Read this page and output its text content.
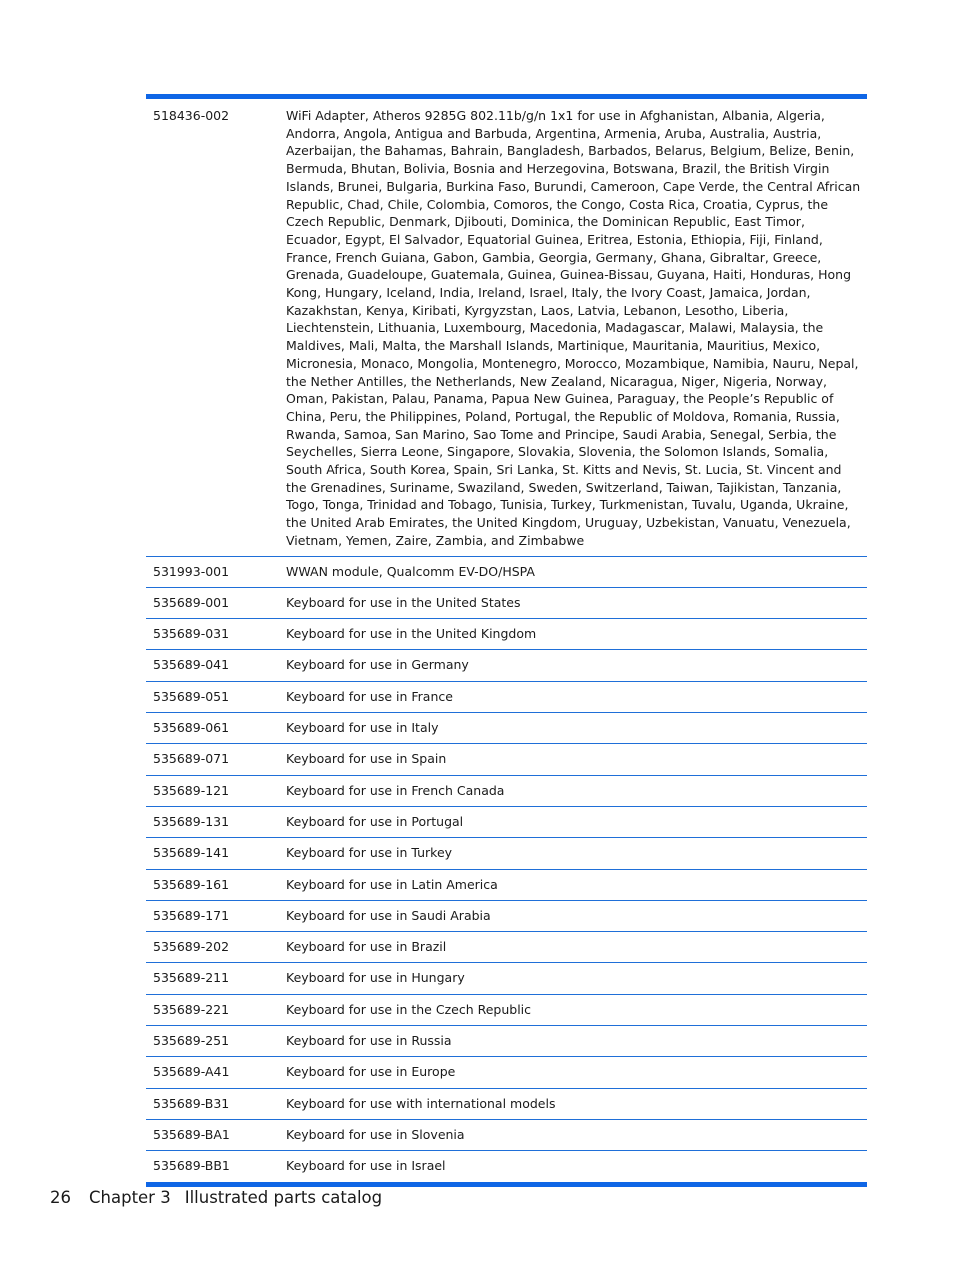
518436-002	WiFi Adapter, Atheros 9285G 802.11b/g/n 1x1 for use in Afghanistan, Albania, Algeria, Andorra, Angola, Antigua and Barbuda, Argentina, Armenia, Aruba, Australia, Austria, Azerbaijan, the Bahamas, Bahrain, Bangladesh, Barbados, Belarus, Belgium, Belize, Benin, Bermuda, Bhutan, Bolivia, Bosnia and Herzegovina, Botswana, Brazil, the British Virgin Islands, Brunei, Bulgaria, Burkina Faso, Burundi, Cameroon, Cape Verde, the Central African Republic, Chad, Chile, Colombia, Comoros, the Congo, Costa Rica, Croatia, Cyprus, the Czech Republic, Denmark, Djibouti, Dominica, the Dominican Republic, East Timor, Ecuador, Egypt, El Salvador, Equatorial Guinea, Eritrea, Estonia, Ethiopia, Fiji, Finland, France, French Guiana, Gabon, Gambia, Georgia, Germany, Ghana, Gibraltar, Greece, Grenada, Guadeloupe, Guatemala, Guinea, Guinea-Bissau, Guyana, Haiti, Honduras, Hong Kong, Hungary, Iceland, India, Ireland, Israel, Italy, the Ivory Coast, Jamaica, Jordan, Kazakhstan, Kenya, Kiribati, Kyrgyzstan, Laos, Latvia, Lebanon, Lesotho, Liberia, Liechtenstein, Lithuania, Luxembourg, Macedonia, Madagascar, Malawi, Malaysia, the Maldives, Mali, Malta, the Marshall Islands, Martinique, Mauritania, Mauritius, Mexico, Micronesia, Monaco, Mongolia, Montenegro, Morocco, Mozambique, Namibia, Nauru, Nepal, the Nether Antilles, the Netherlands, New Zealand, Nicaragua, Niger, Nigeria, Norway, Oman, Pakistan, Palau, Panama, Papua New Guinea, Paraguay, the People’s Republic of China, Peru, the Philippines, Poland, Portugal, the Republic of Moldova, Romania, Russia, Rwanda, Samoa, San Marino, Sao Tome and Principe, Saudi Arabia, Senegal, Serbia, the Seychelles, Sierra Leone, Singapore, Slovakia, Slovenia, the Solomon Islands, Somalia, South Africa, South Korea, Spain, Sri Lanka, St. Kitts and Nevis, St. Lucia, St. Vincent and the Grenadines, Suriname, Swaziland, Sweden, Switzerland, Taiwan, Tajikistan, Tanzania, Togo, Tonga, Trinidad and Tobago, Tunisia, Turkey, Turkmenistan, Tuvalu, Uganda, Ukraine, the United Arab Emirates, the United Kingdom, Uruguay, Uzbekistan, Vanuatu, Venezuela, Vietnam, Yemen, Zaire, Zambia, and Zimbabwe
531993-001	WWAN module, Qualcomm EV-DO/HSPA
535689-001	Keyboard for use in the United States
535689-031	Keyboard for use in the United Kingdom
535689-041	Keyboard for use in Germany
535689-051	Keyboard for use in France
535689-061	Keyboard for use in Italy
535689-071	Keyboard for use in Spain
535689-121	Keyboard for use in French Canada
535689-131	Keyboard for use in Portugal
535689-141	Keyboard for use in Turkey
535689-161	Keyboard for use in Latin America
535689-171	Keyboard for use in Saudi Arabia
535689-202	Keyboard for use in Brazil
535689-211	Keyboard for use in Hungary
535689-221	Keyboard for use in the Czech Republic
535689-251	Keyboard for use in Russia
535689-A41	Keyboard for use in Europe
535689-B31	Keyboard for use with international models
535689-BA1	Keyboard for use in Slovenia
535689-BB1	Keyboard for use in Israel
26 Chapter 3 Illustrated parts catalog
